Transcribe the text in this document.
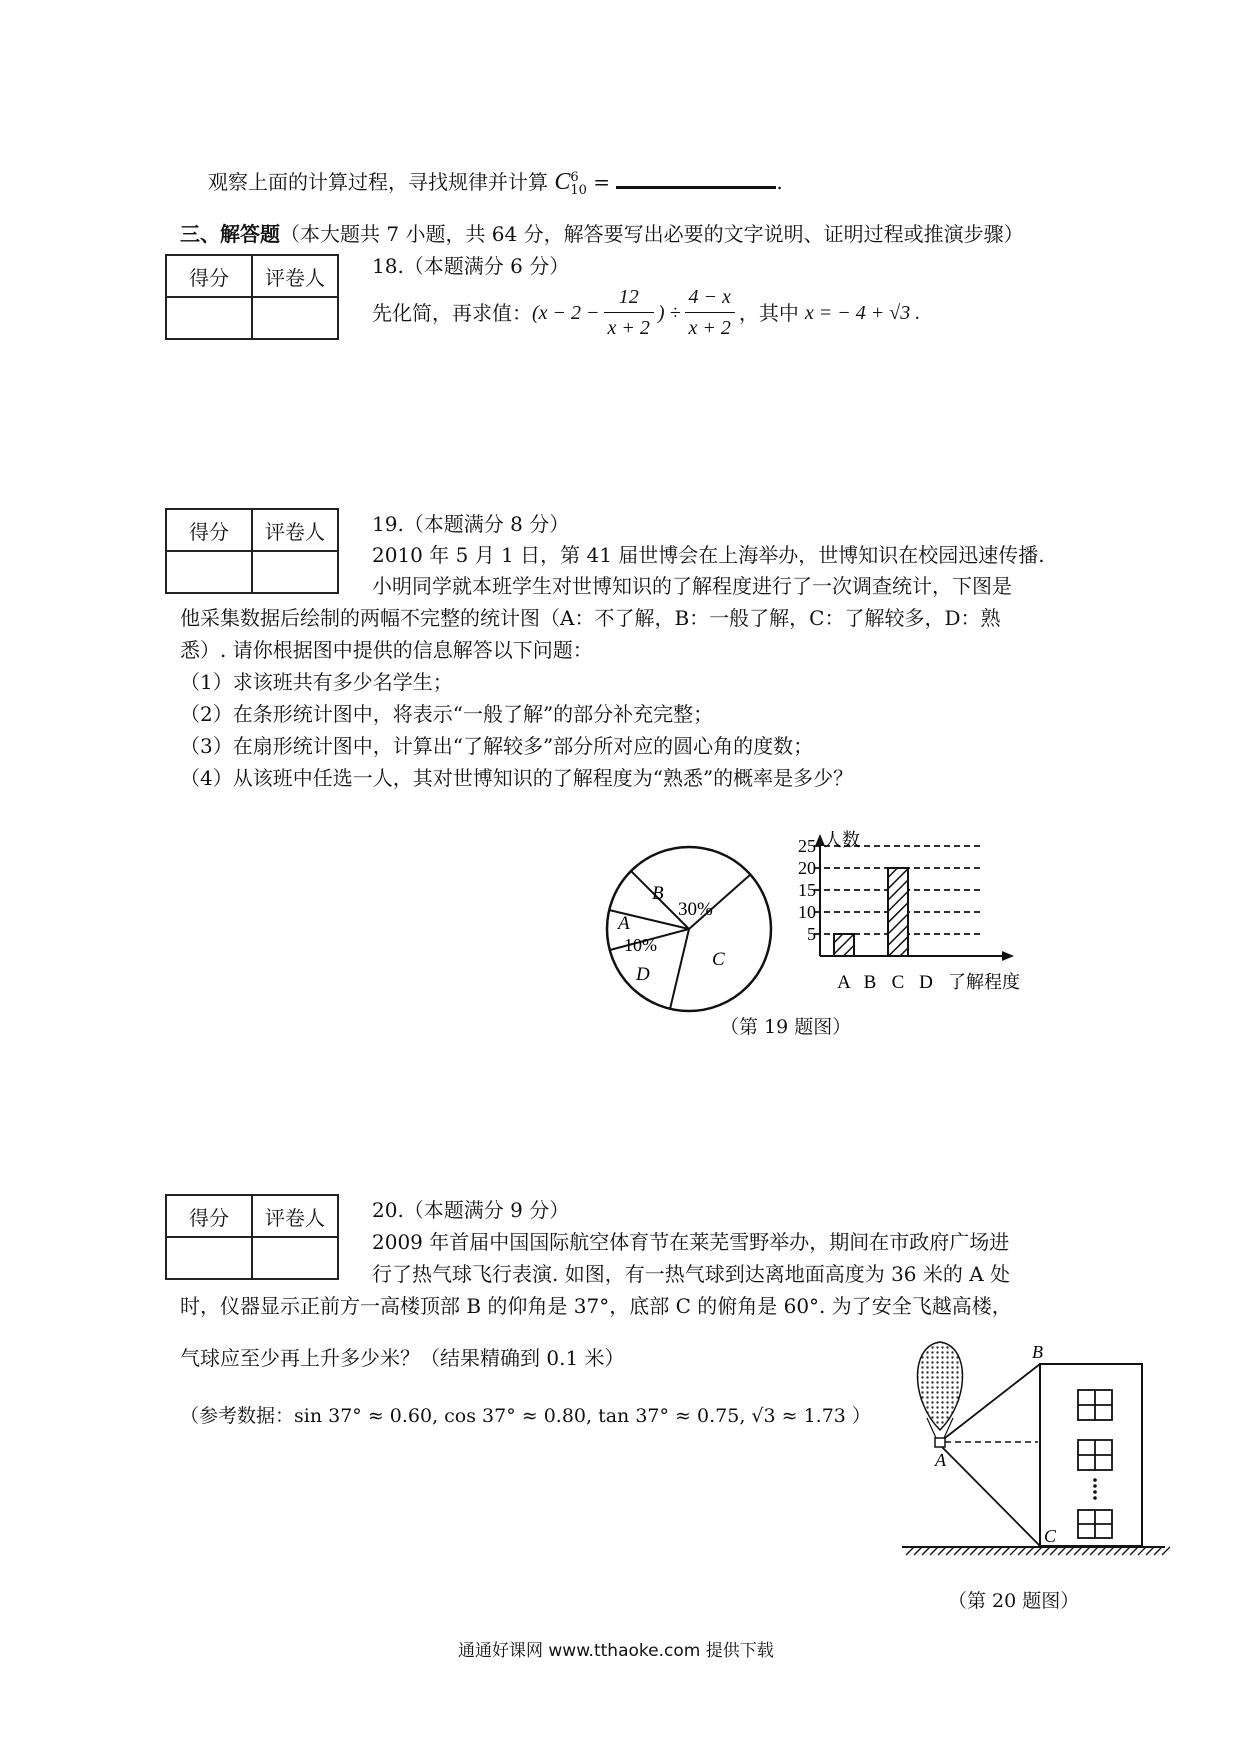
观察上面的计算过程，寻找规律并计算 C 6
10 =	.
三、解答题（本大题共 7 小题，共 64 分，解答要写出必要的文字说明、证明过程或推演步骤）
得分	评卷人
	18.（本题满分 6 分）
先化简，再求值： ($x - 2 - \frac{12}{x + 2}$ ) ÷ $\frac{4 - x}{x + 2}$ ，其中 x = − 4 + √3 .
得分	评卷人
	19.（本题满分 8 分）
2010 年 5 月 1 日，第 41 届世博会在上海举办，世博知识在校园迅速传播.
小明同学就本班学生对世博知识的了解程度进行了一次调查统计，下图是
他采集数据后绘制的两幅不完整的统计图（A：不了解，B：一般了解，C：了解较多，D：熟
悉）. 请你根据图中提供的信息解答以下问题：
（1）求该班共有多少名学生；
（2）在条形统计图中，将表示“一般了解”的部分补充完整；
（3）在扇形统计图中，计算出“了解较多”部分所对应的圆心角的度数；
（4）从该班中任选一人，其对世博知识的了解程度为“熟悉”的概率是多少？
A
10%
B
30%
C
D
人数
了解程度
5
10
15
20
25
A B C D
（第 19 题图）
得分	评卷人
	20.（本题满分 9 分）
2009 年首届中国国际航空体育节在莱芜雪野举办，期间在市政府广场进
行了热气球飞行表演. 如图，有一热气球到达离地面高度为 36 米的 A 处
时，仪器显示正前方一高楼顶部 B 的仰角是 37°，底部 C 的俯角是 60°. 为了安全飞越高楼，
气球应至少再上升多少米？（结果精确到 0.1 米）
（参考数据：sin 37° ≈ 0.60, cos 37° ≈ 0.80, tan 37° ≈ 0.75, √3 ≈ 1.73 ）
A
B
C
（第 20 题图）
通通好课网 www.tthaoke.com 提供下载
